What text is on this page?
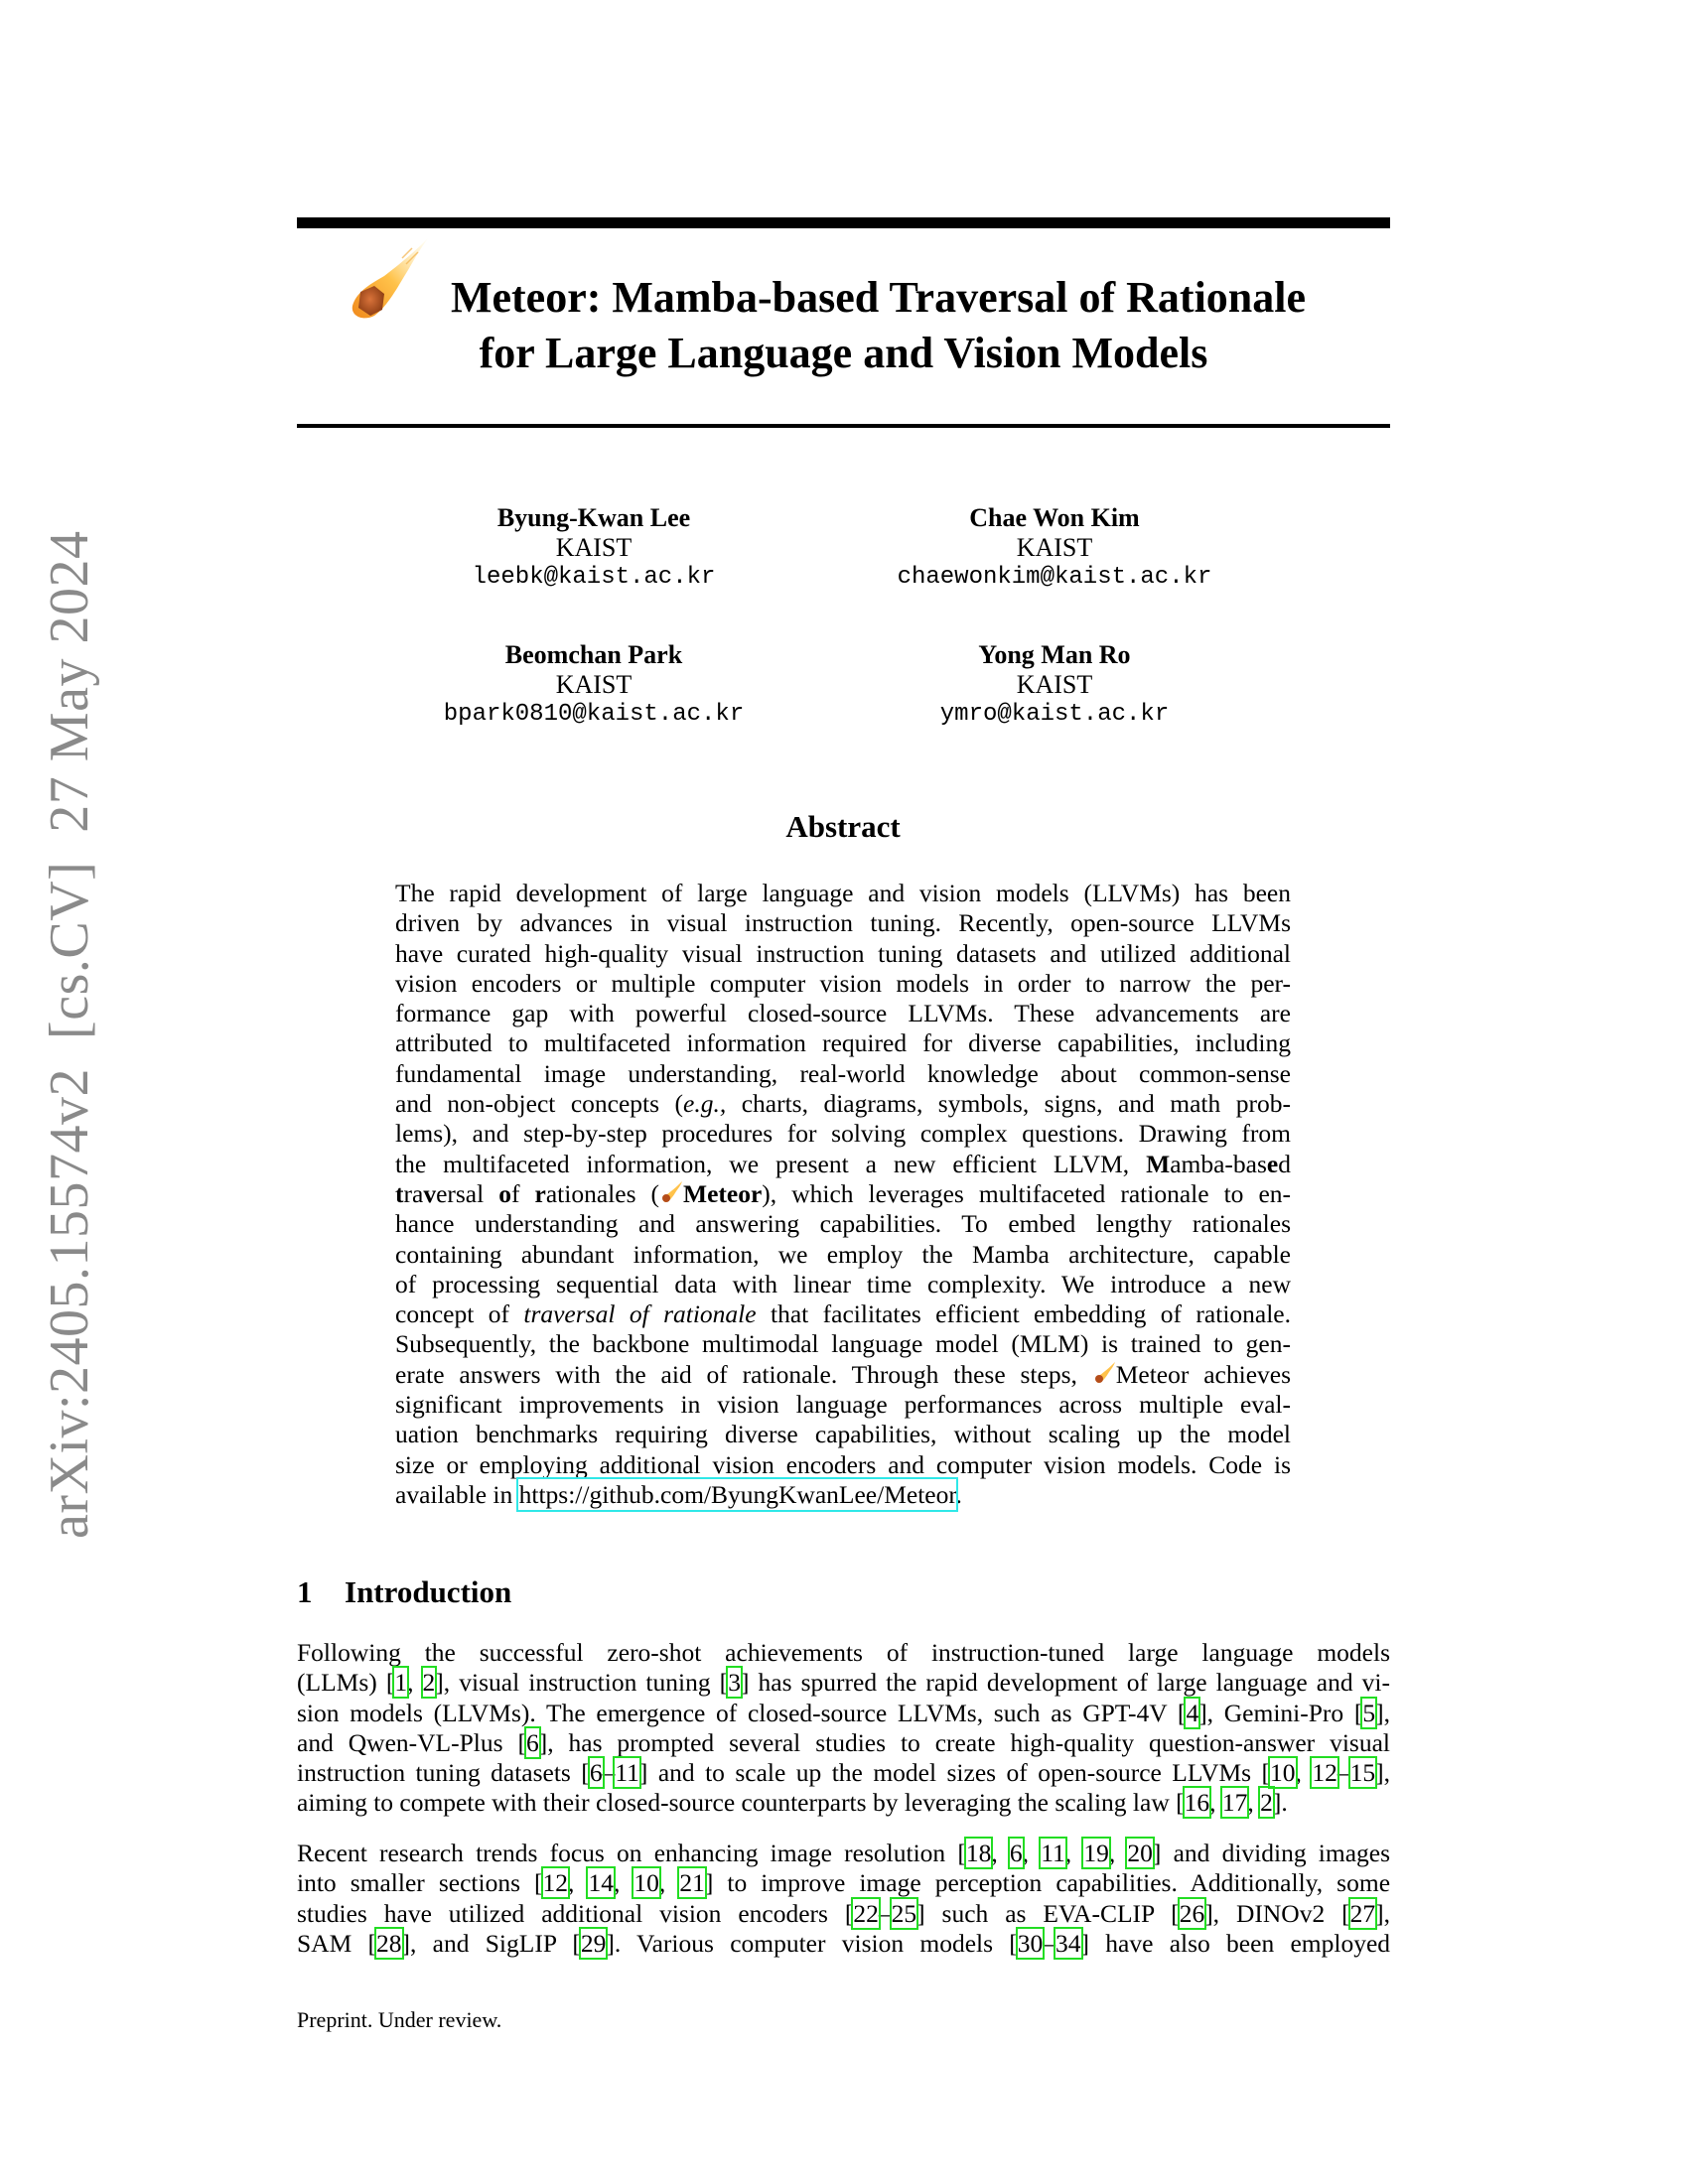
arXiv:2405.15574v2  [cs.CV]  27 May 2024
Meteor: Mamba-based Traversal of Rationale
for Large Language and Vision Models
Byung-Kwan Lee
KAIST
leebk@kaist.ac.kr
Chae Won Kim
KAIST
chaewonkim@kaist.ac.kr
Beomchan Park
KAIST
bpark0810@kaist.ac.kr
Yong Man Ro
KAIST
ymro@kaist.ac.kr
Abstract
The rapid development of large language and vision models (LLVMs) has been
driven by advances in visual instruction tuning. Recently, open-source LLVMs
have curated high-quality visual instruction tuning datasets and utilized additional
vision encoders or multiple computer vision models in order to narrow the per-
formance gap with powerful closed-source LLVMs. These advancements are
attributed to multifaceted information required for diverse capabilities, including
fundamental image understanding, real-world knowledge about common-sense
and non-object concepts (e.g., charts, diagrams, symbols, signs, and math prob-
lems), and step-by-step procedures for solving complex questions. Drawing from
the multifaceted information, we present a new efficient LLVM, Mamba-based
traversal of rationales ( Meteor), which leverages multifaceted rationale to en-
hance understanding and answering capabilities. To embed lengthy rationales
containing abundant information, we employ the Mamba architecture, capable
of processing sequential data with linear time complexity. We introduce a new
concept of traversal of rationale that facilitates efficient embedding of rationale.
Subsequently, the backbone multimodal language model (MLM) is trained to gen-
erate answers with the aid of rationale. Through these steps, Meteor achieves
significant improvements in vision language performances across multiple eval-
uation benchmarks requiring diverse capabilities, without scaling up the model
size or employing additional vision encoders and computer vision models. Code is
available in https://github.com/ByungKwanLee/Meteor.
1 Introduction
Following the successful zero-shot achievements of instruction-tuned large language models
(LLMs) [1, 2], visual instruction tuning [3] has spurred the rapid development of large language and vi-
sion models (LLVMs). The emergence of closed-source LLVMs, such as GPT-4V [4], Gemini-Pro [5],
and Qwen-VL-Plus [6], has prompted several studies to create high-quality question-answer visual
instruction tuning datasets [6–11] and to scale up the model sizes of open-source LLVMs [10, 12–15],
aiming to compete with their closed-source counterparts by leveraging the scaling law [16, 17, 2].
Recent research trends focus on enhancing image resolution [18, 6, 11, 19, 20] and dividing images
into smaller sections [12, 14, 10, 21] to improve image perception capabilities. Additionally, some
studies have utilized additional vision encoders [22–25] such as EVA-CLIP [26], DINOv2 [27],
SAM [28], and SigLIP [29]. Various computer vision models [30–34] have also been employed
Preprint. Under review.
